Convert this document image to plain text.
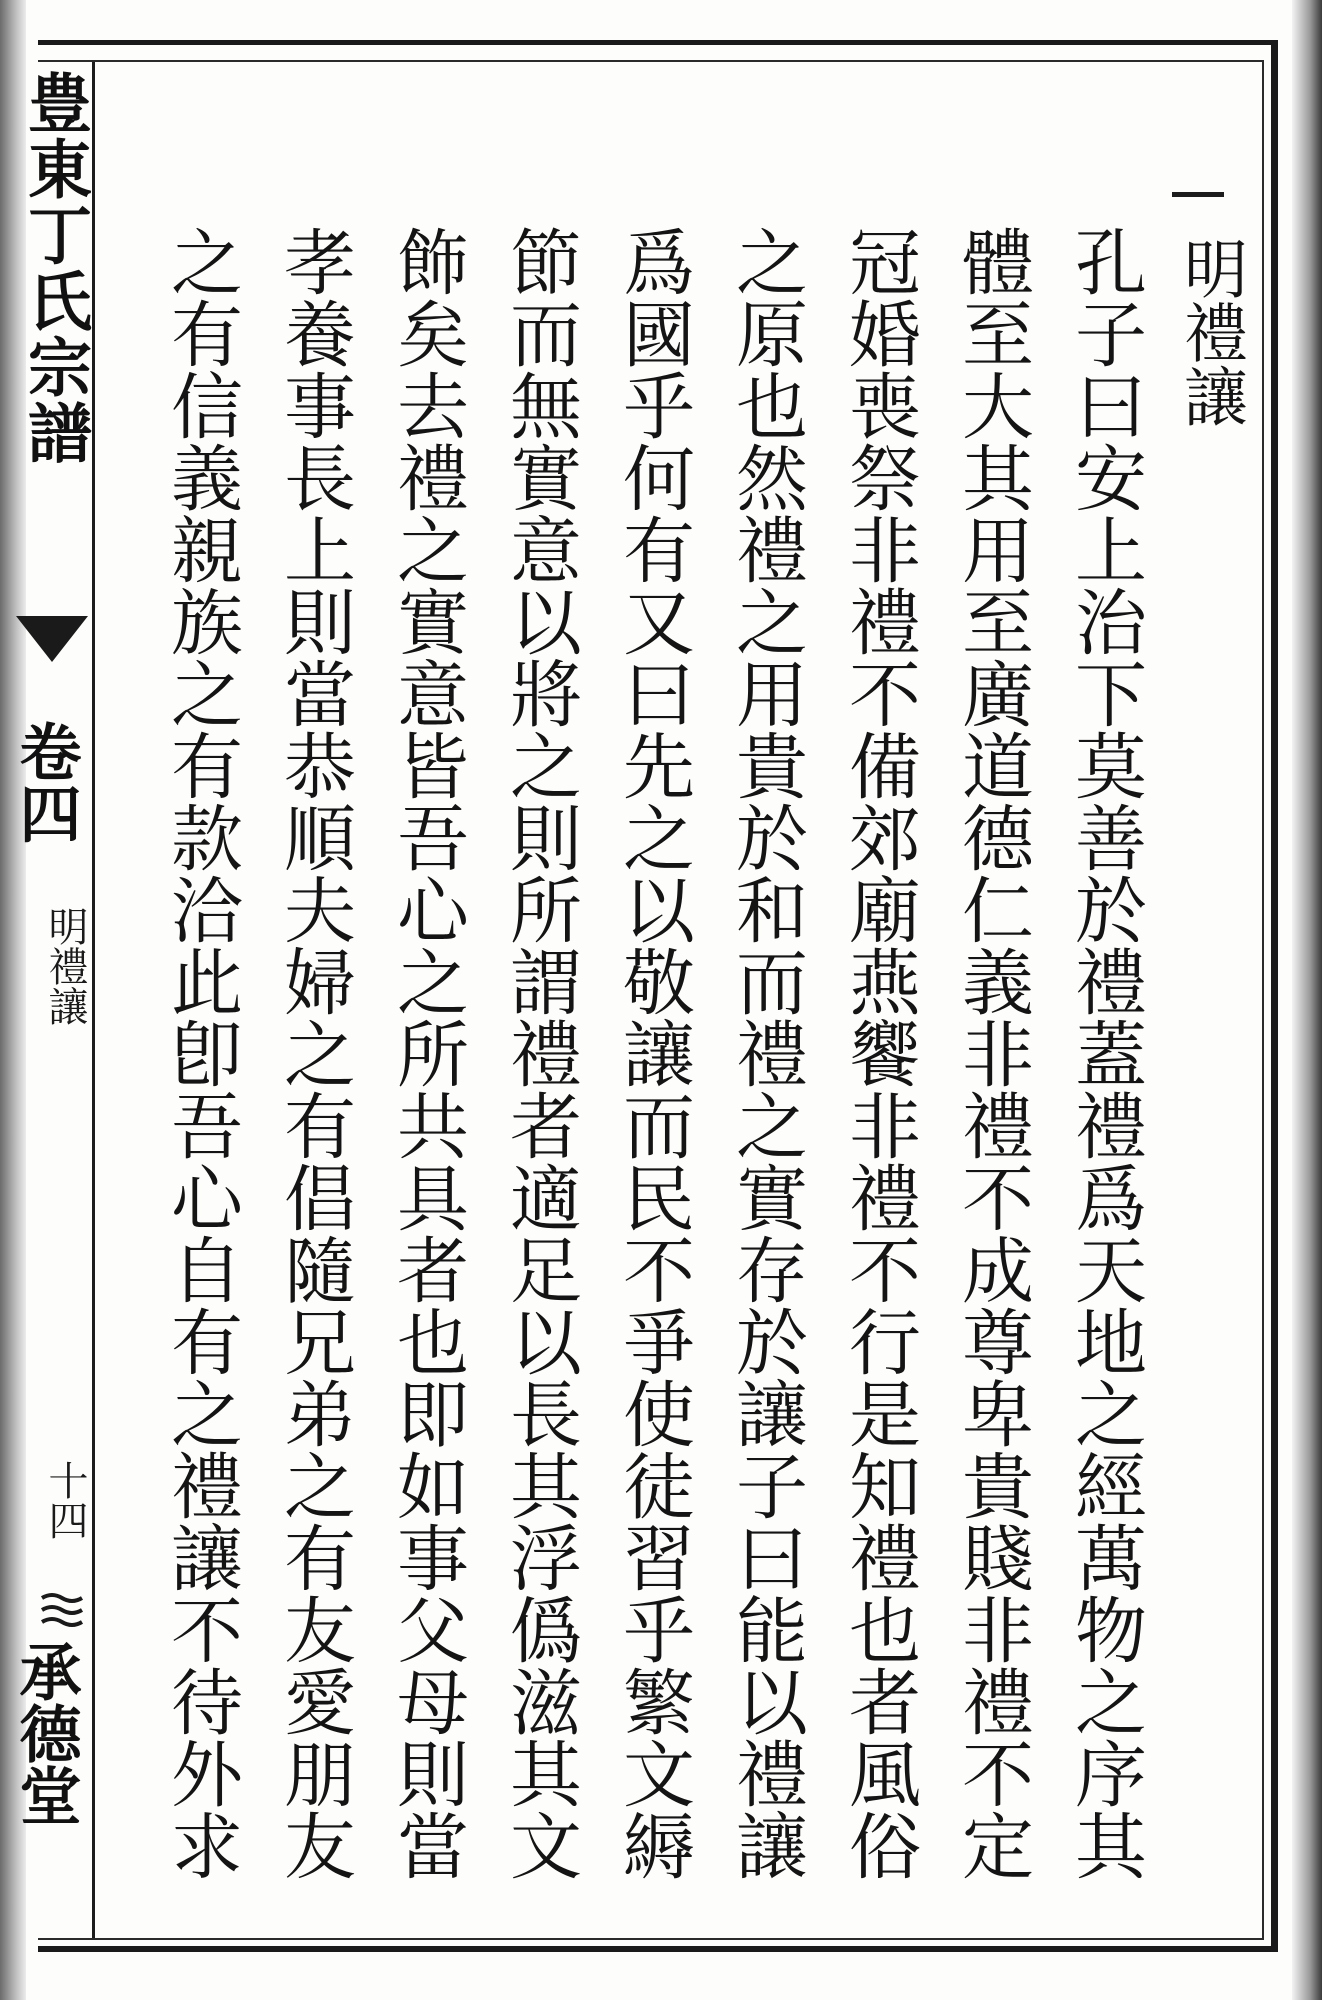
豊東丁氏宗譜
卷四
明禮讓
十四
承德堂
明禮讓
孔子曰安上治下莫善於禮蓋禮爲天地之經萬物之序其
體至大其用至廣道德仁義非禮不成尊卑貴賤非禮不定
冠婚喪祭非禮不備郊廟燕饗非禮不行是知禮也者風俗
之原也然禮之用貴於和而禮之實存於讓子曰能以禮讓
爲國乎何有又曰先之以敬讓而民不爭使徒習乎繁文縟
節而無實意以將之則所謂禮者適足以長其浮僞滋其文
飾矣去禮之實意皆吾心之所共具者也即如事父母則當
孝養事長上則當恭順夫婦之有倡隨兄弟之有友愛朋友
之有信義親族之有款洽此卽吾心自有之禮讓不待外求
